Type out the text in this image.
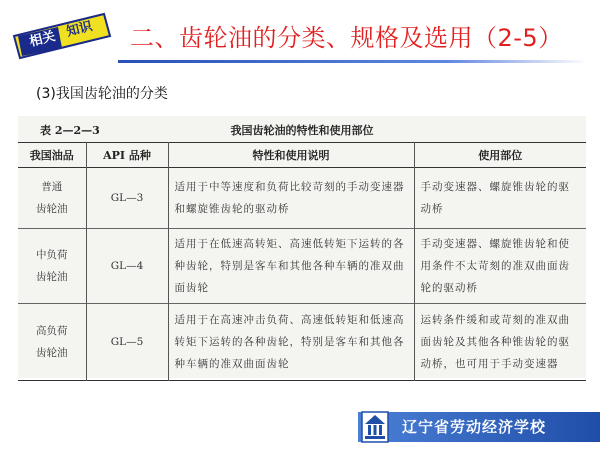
相关 知识 二、齿轮油的分类、规格及选用（2-5）
(3)我国齿轮油的分类
我国齿轮油的特性和使用部位
表 2—2—3
我国油品	API 品种	特性和使用说明	使用部位

普通
齿轮油	GL—3	适用于中等速度和负荷比较苛刻的手动变速器和螺旋锥齿轮的驱动桥	手动变速器、螺旋锥齿轮的驱动桥

中负荷
齿轮油	GL—4	适用于在低速高转矩、高速低转矩下运转的各种齿轮，特别是客车和其他各种车辆的准双曲面齿轮	手动变速器、螺旋锥齿轮和使用条件不太苛刻的准双曲面齿轮的驱动桥

高负荷
齿轮油	GL—5	适用于在高速冲击负荷、高速低转矩和低速高转矩下运转的各种齿轮，特别是客车和其他各种车辆的准双曲面齿轮	运转条件缓和或苛刻的准双曲面齿轮及其他各种锥齿轮的驱动桥，也可用于手动变速器
辽宁省劳动经济学校
